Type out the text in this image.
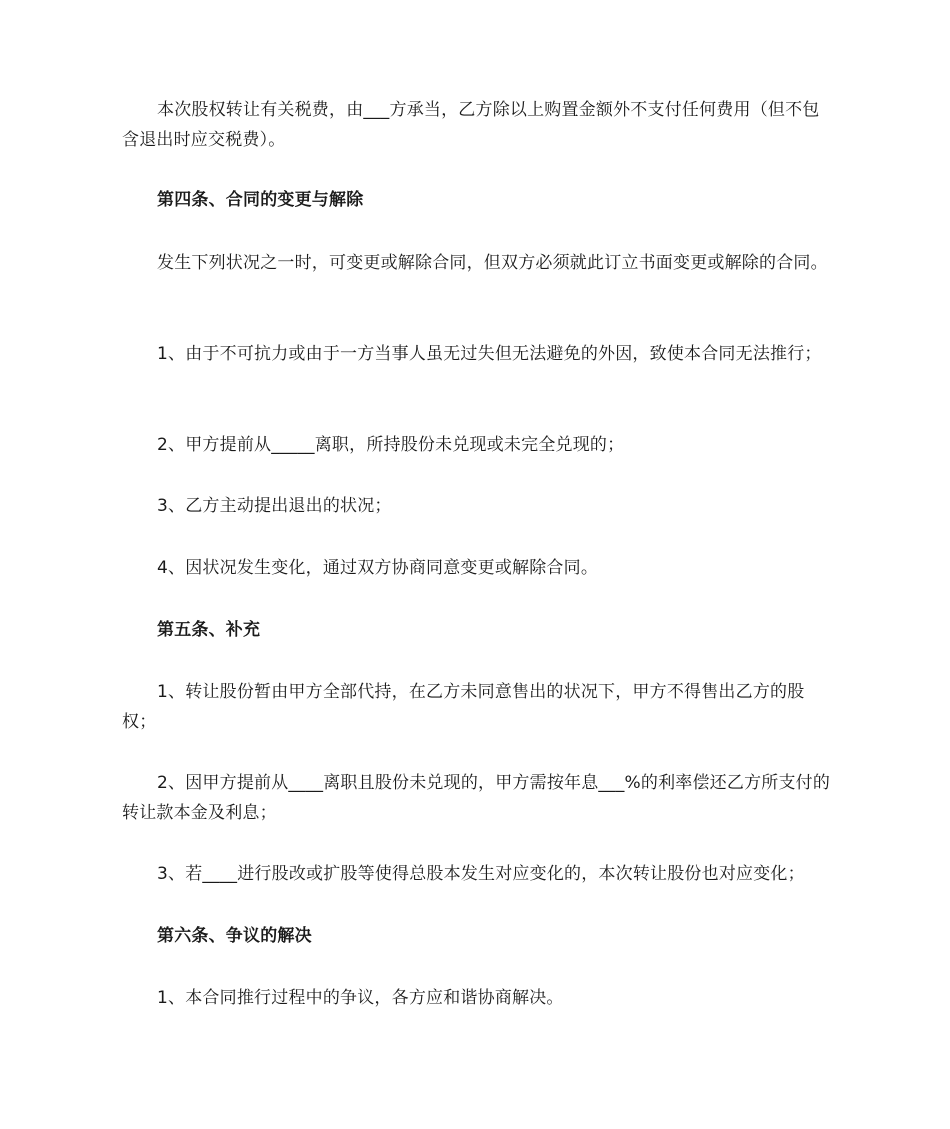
本次股权转让有关税费，由___方承当，乙方除以上购置金额外不支付任何费用（但不包含退出时应交税费）。

第四条、合同的变更与解除

发生下列状况之一时，可变更或解除合同，但双方必须就此订立书面变更或解除的合同。

1、由于不可抗力或由于一方当事人虽无过失但无法避免的外因，致使本合同无法推行；

2、甲方提前从_____离职，所持股份未兑现或未完全兑现的；

3、乙方主动提出退出的状况；

4、因状况发生变化，通过双方协商同意变更或解除合同。

第五条、补充

1、转让股份暂由甲方全部代持，在乙方未同意售出的状况下，甲方不得售出乙方的股权；

2、因甲方提前从____离职且股份未兑现的，甲方需按年息___%的利率偿还乙方所支付的转让款本金及利息；

3、若____进行股改或扩股等使得总股本发生对应变化的，本次转让股份也对应变化；

第六条、争议的解决

1、本合同推行过程中的争议，各方应和谐协商解决。
